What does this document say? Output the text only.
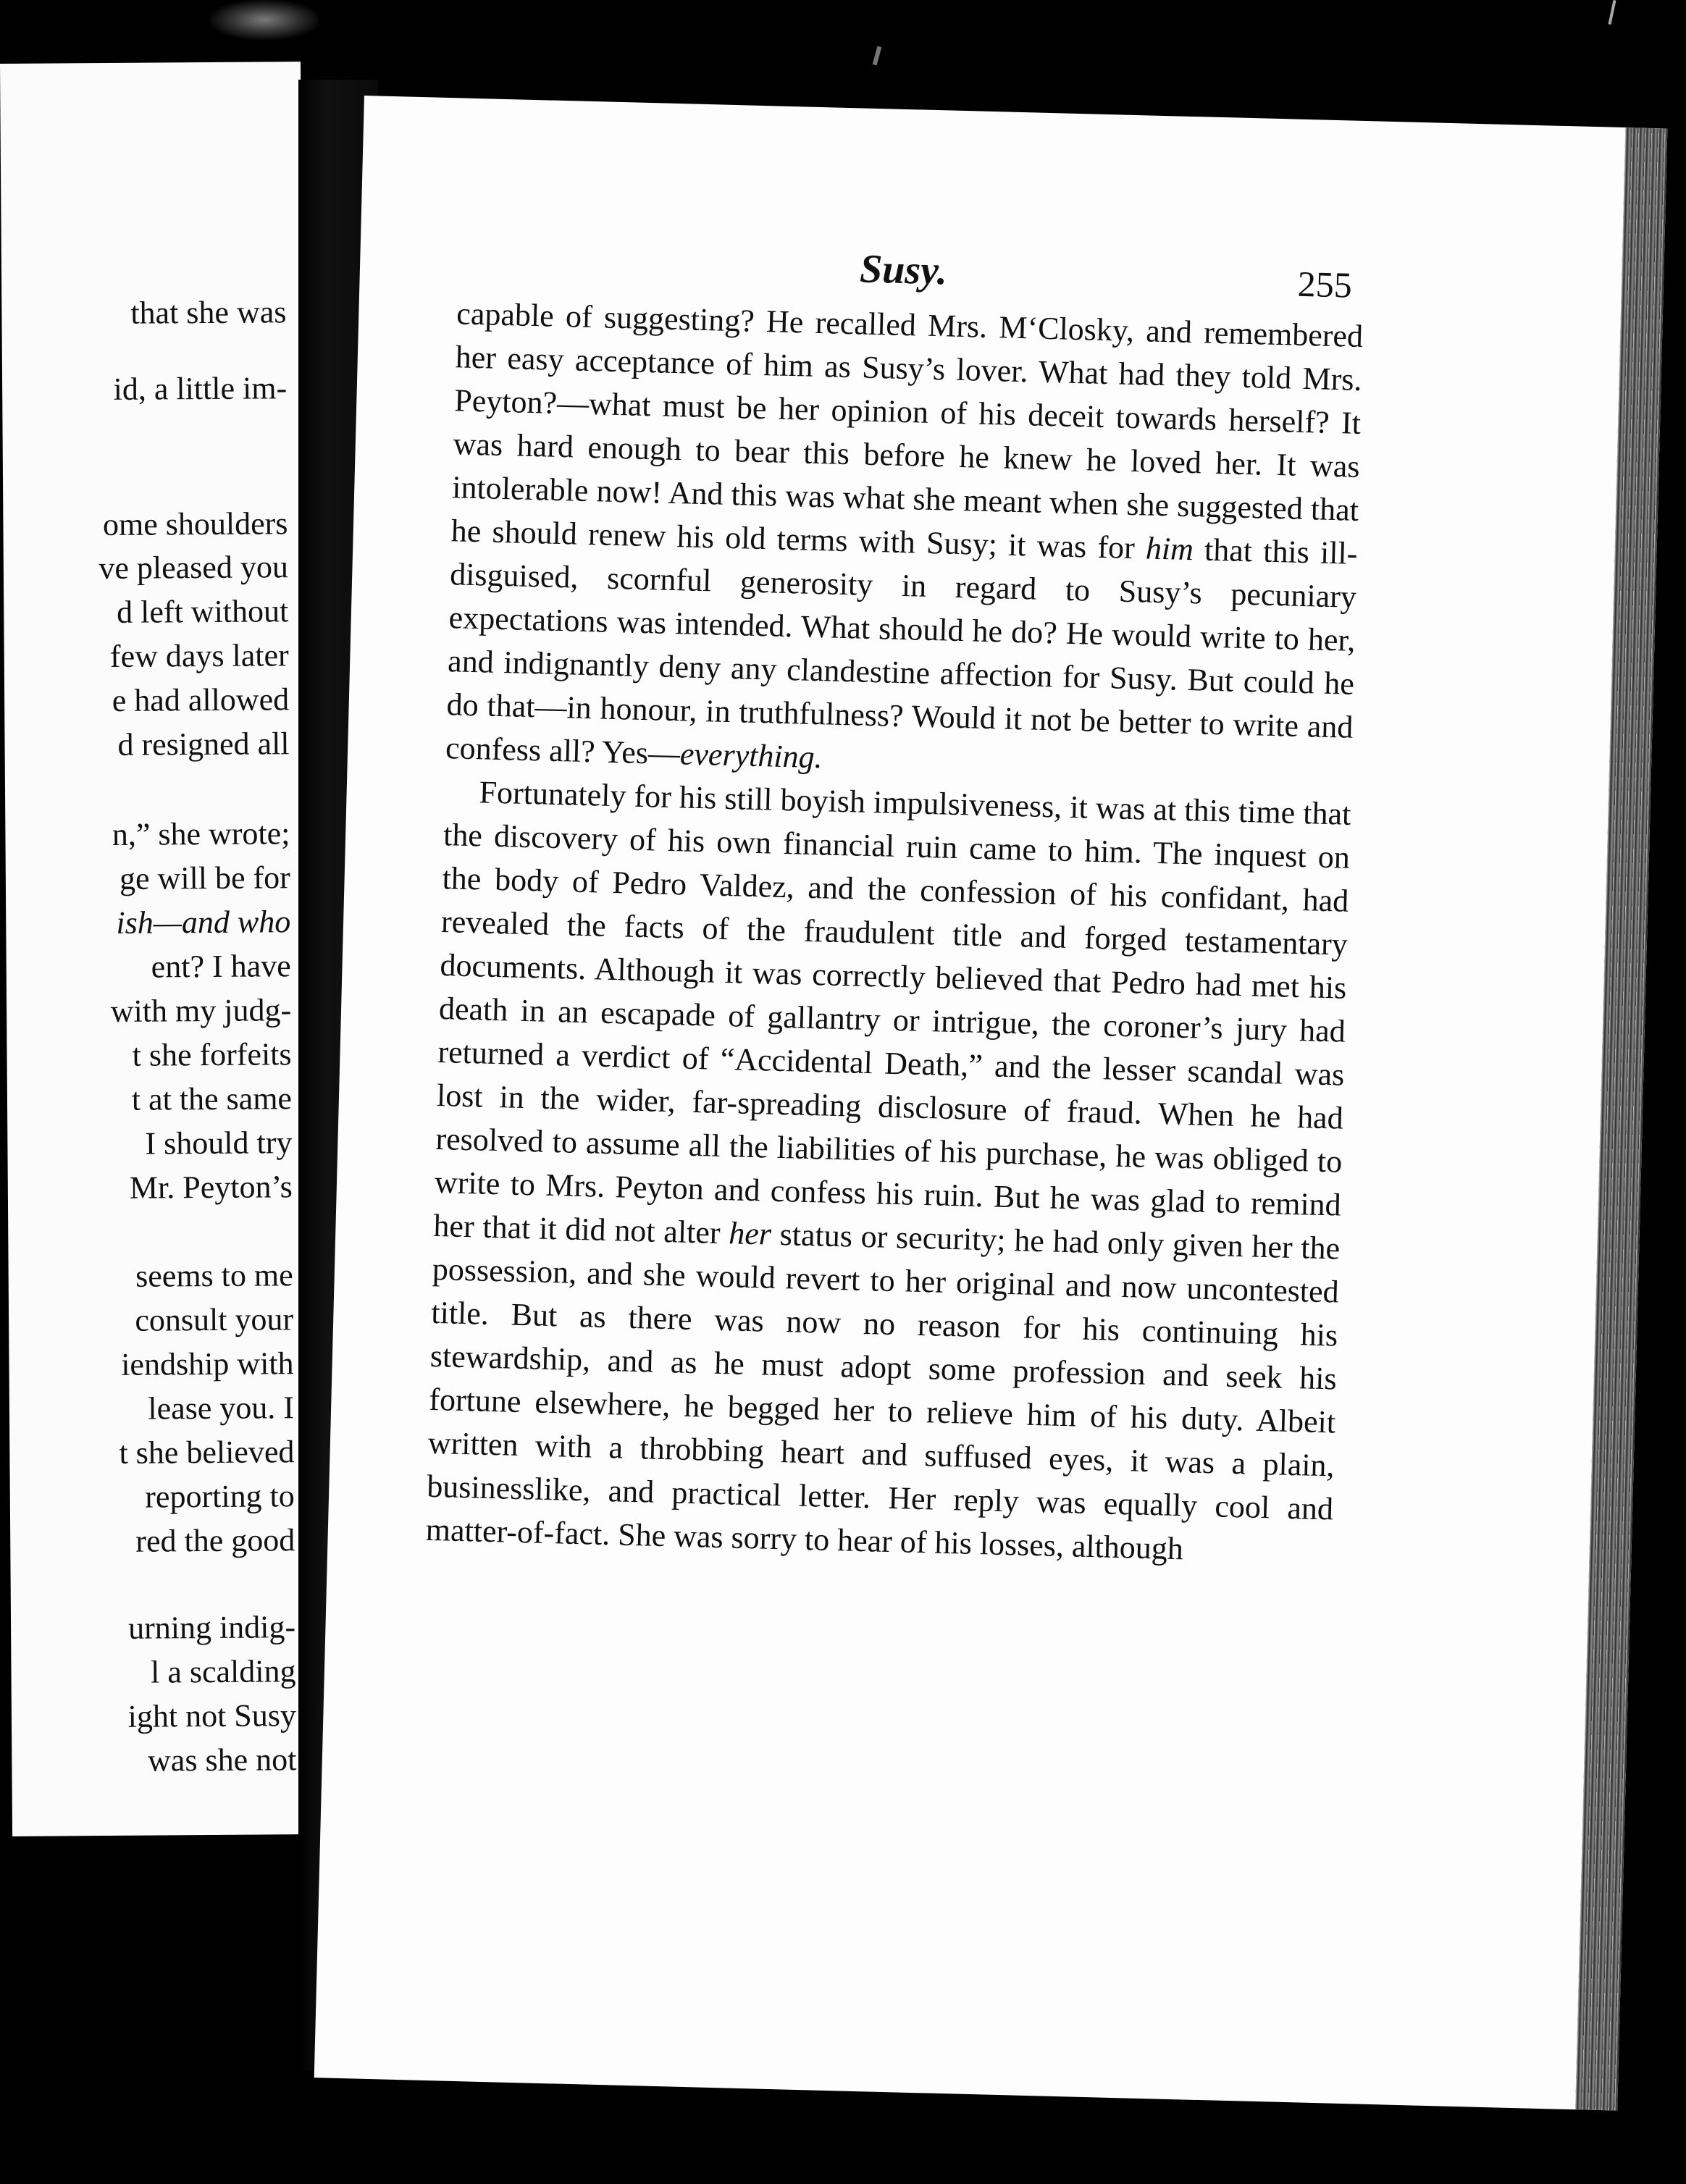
that she was
id, a little im-
ome shoulders
ve pleased you
d left without
few days later
e had allowed
d resigned all
n,” she wrote;
ge will be for
ish—and who
ent? I have
with my judg-
t she forfeits
t at the same
I should try
Mr. Peyton’s
seems to me
consult your
iendship with
lease you. I
t she believed
reporting to
red the good
urning indig-
l a scalding
ight not Susy
was she not
Susy.	255

capable of suggesting? He recalled Mrs. M‘Closky, and remembered her easy acceptance of him as Susy’s lover. What had they told Mrs. Peyton?—what must be her opinion of his deceit towards herself? It was hard enough to bear this before he knew he loved her. It was intolerable now! And this was what she meant when she suggested that he should renew his old terms with Susy; it was for him that this ill-disguised, scornful generosity in regard to Susy’s pecuniary expectations was intended. What should he do? He would write to her, and indignantly deny any clandestine affection for Susy. But could he do that—in honour, in truthfulness? Would it not be better to write and confess all? Yes—everything.

Fortunately for his still boyish impulsiveness, it was at this time that the discovery of his own financial ruin came to him. The inquest on the body of Pedro Valdez, and the confession of his confidant, had revealed the facts of the fraudulent title and forged testamentary documents. Although it was correctly believed that Pedro had met his death in an escapade of gallantry or intrigue, the coroner’s jury had returned a verdict of “Accidental Death,” and the lesser scandal was lost in the wider, far-spreading disclosure of fraud. When he had resolved to assume all the liabilities of his purchase, he was obliged to write to Mrs. Peyton and confess his ruin. But he was glad to remind her that it did not alter her status or security; he had only given her the possession, and she would revert to her original and now uncontested title. But as there was now no reason for his continuing his stewardship, and as he must adopt some profession and seek his fortune elsewhere, he begged her to relieve him of his duty. Albeit written with a throbbing heart and suffused eyes, it was a plain, businesslike, and practical letter. Her reply was equally cool and matter-of-fact. She was sorry to hear of his losses, although
